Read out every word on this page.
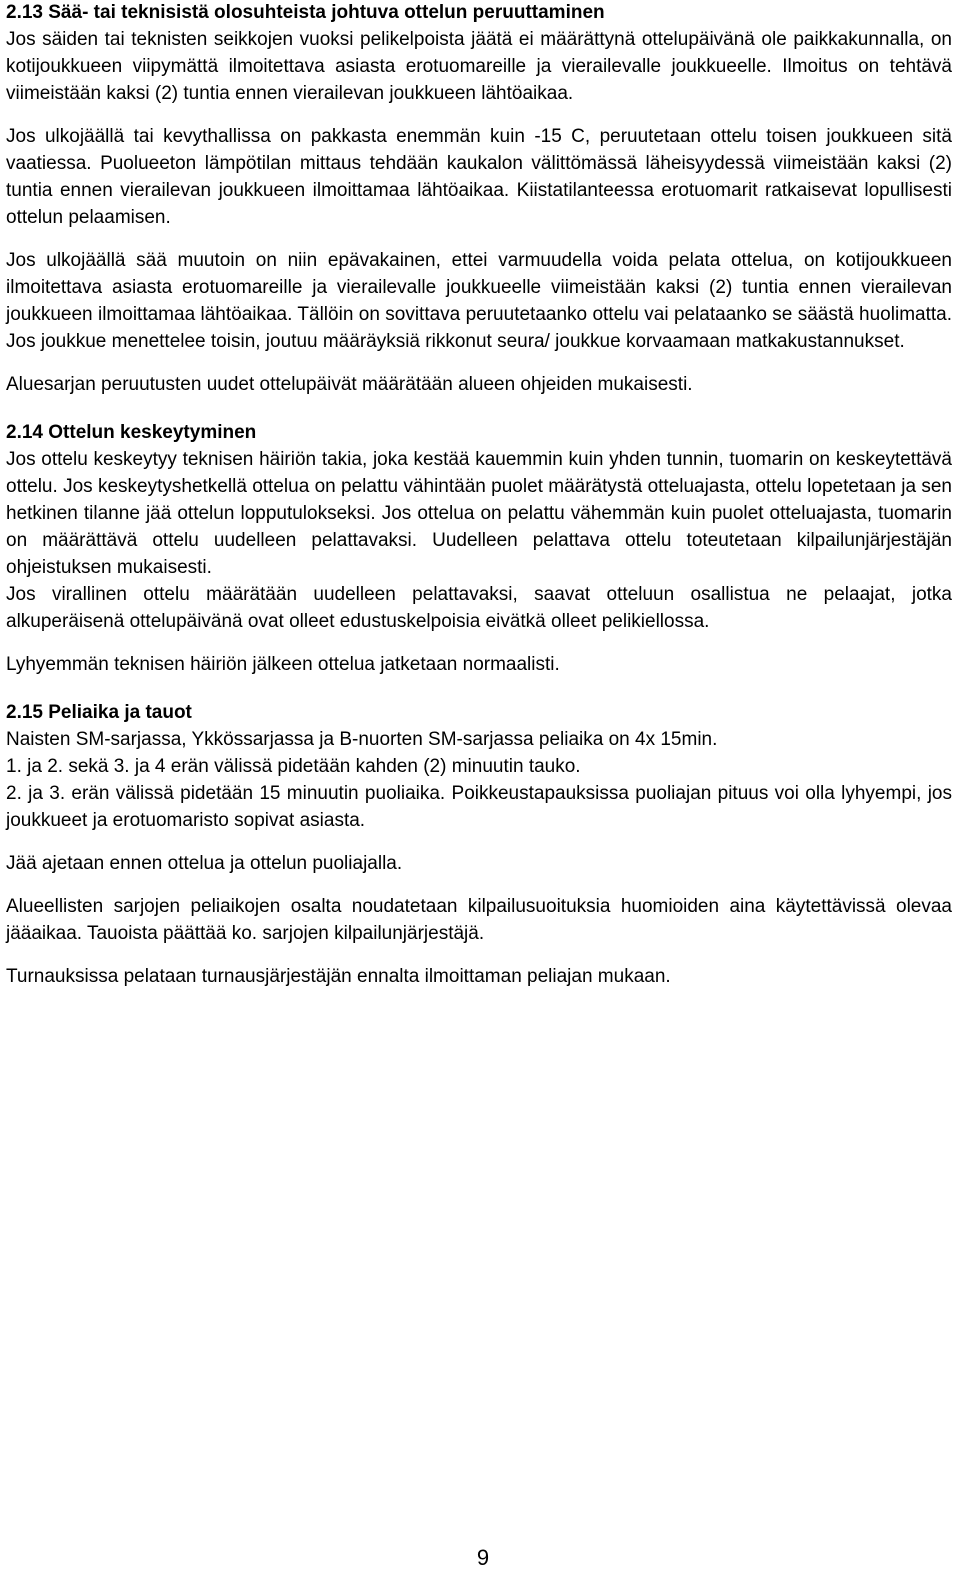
2.13 Sää- tai teknisistä olosuhteista johtuva ottelun peruuttaminen

Jos säiden tai teknisten seikkojen vuoksi pelikelpoista jäätä ei määrättynä ottelupäivänä ole paikkakunnalla, on kotijoukkueen viipymättä ilmoitettava asiasta erotuomareille ja vierailevalle joukkueelle. Ilmoitus on tehtävä viimeistään kaksi (2) tuntia ennen vierailevan joukkueen lähtöaikaa.

Jos ulkojäällä tai kevythallissa on pakkasta enemmän kuin -15 C, peruutetaan ottelu toisen joukkueen sitä vaatiessa. Puolueeton lämpötilan mittaus tehdään kaukalon välittömässä läheisyydessä viimeistään kaksi (2) tuntia ennen vierailevan joukkueen ilmoittamaa lähtöaikaa. Kiistatilanteessa erotuomarit ratkaisevat lopullisesti ottelun pelaamisen.

Jos ulkojäällä sää muutoin on niin epävakainen, ettei varmuudella voida pelata ottelua, on kotijoukkueen ilmoitettava asiasta erotuomareille ja vierailevalle joukkueelle viimeistään kaksi (2) tuntia ennen vierailevan joukkueen ilmoittamaa lähtöaikaa. Tällöin on sovittava peruutetaanko ottelu vai pelataanko se säästä huolimatta. Jos joukkue menettelee toisin, joutuu määräyksiä rikkonut seura/ joukkue korvaamaan matkakustannukset.

Aluesarjan peruutusten uudet ottelupäivät määrätään alueen ohjeiden mukaisesti.

2.14 Ottelun keskeytyminen

Jos ottelu keskeytyy teknisen häiriön takia, joka kestää kauemmin kuin yhden tunnin, tuomarin on keskeytettävä ottelu. Jos keskeytyshetkellä ottelua on pelattu vähintään puolet määrätystä otteluajasta, ottelu lopetetaan ja sen hetkinen tilanne jää ottelun lopputulokseksi. Jos ottelua on pelattu vähemmän kuin puolet otteluajasta, tuomarin on määrättävä ottelu uudelleen pelattavaksi. Uudelleen pelattava ottelu toteutetaan kilpailunjärjestäjän ohjeistuksen mukaisesti.

Jos virallinen ottelu määrätään uudelleen pelattavaksi, saavat otteluun osallistua ne pelaajat, jotka alkuperäisenä ottelupäivänä ovat olleet edustuskelpoisia eivätkä olleet pelikiellossa.

Lyhyemmän teknisen häiriön jälkeen ottelua jatketaan normaalisti.

2.15 Peliaika ja tauot

Naisten SM-sarjassa, Ykkössarjassa ja B-nuorten SM-sarjassa peliaika on 4x 15min.

1. ja 2. sekä 3. ja 4 erän välissä pidetään kahden (2) minuutin tauko.

2. ja 3. erän välissä pidetään 15 minuutin puoliaika. Poikkeustapauksissa puoliajan pituus voi olla lyhyempi, jos joukkueet ja erotuomaristo sopivat asiasta.

Jää ajetaan ennen ottelua ja ottelun puoliajalla.

Alueellisten sarjojen peliaikojen osalta noudatetaan kilpailusuoituksia huomioiden aina käytettävissä olevaa jääaikaa. Tauoista päättää ko. sarjojen kilpailunjärjestäjä.

Turnauksissa pelataan turnausjärjestäjän ennalta ilmoittaman peliajan mukaan.

9
